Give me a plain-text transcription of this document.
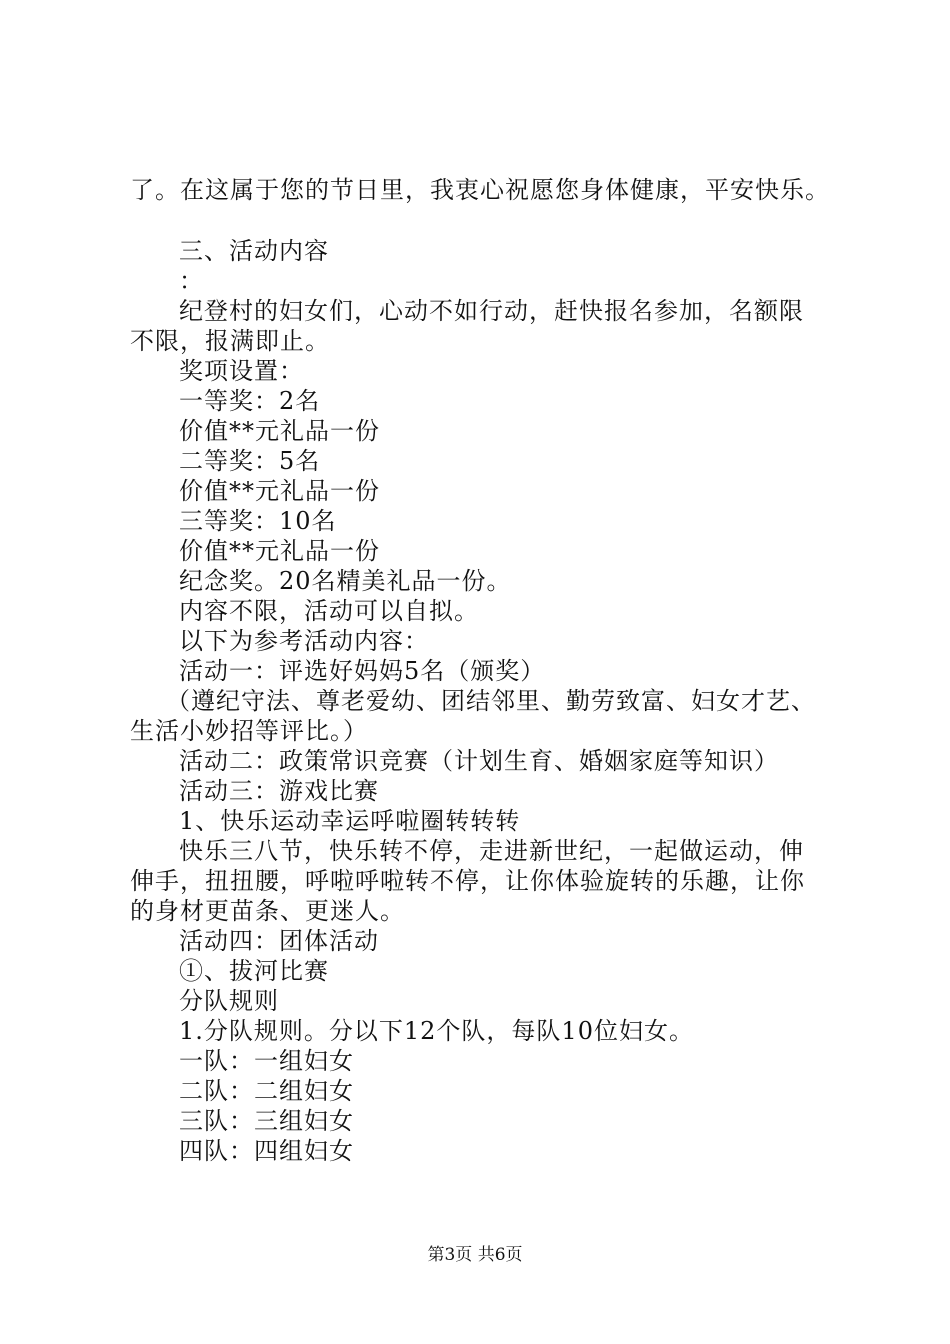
了。在这属于您的节日里，我衷心祝愿您身体健康，平安快乐。
三、活动内容
：
纪登村的妇女们，心动不如行动，赶快报名参加，名额限
不限，报满即止。
奖项设置：
一等奖：2名
价值**元礼品一份
二等奖：5名
价值**元礼品一份
三等奖：10名
价值**元礼品一份
纪念奖。20名精美礼品一份。
内容不限，活动可以自拟。
以下为参考活动内容：
活动一：评选好妈妈5名（颁奖）
（遵纪守法、尊老爱幼、团结邻里、勤劳致富、妇女才艺、
生活小妙招等评比。）
活动二：政策常识竞赛（计划生育、婚姻家庭等知识）
活动三：游戏比赛
1、快乐运动幸运呼啦圈转转转
快乐三八节，快乐转不停，走进新世纪，一起做运动，伸
伸手，扭扭腰，呼啦呼啦转不停，让你体验旋转的乐趣，让你
的身材更苗条、更迷人。
活动四：团体活动
①、拔河比赛
分队规则
1.分队规则。分以下12个队，每队10位妇女。
一队：一组妇女
二队：二组妇女
三队：三组妇女
四队：四组妇女
第3页 共6页
